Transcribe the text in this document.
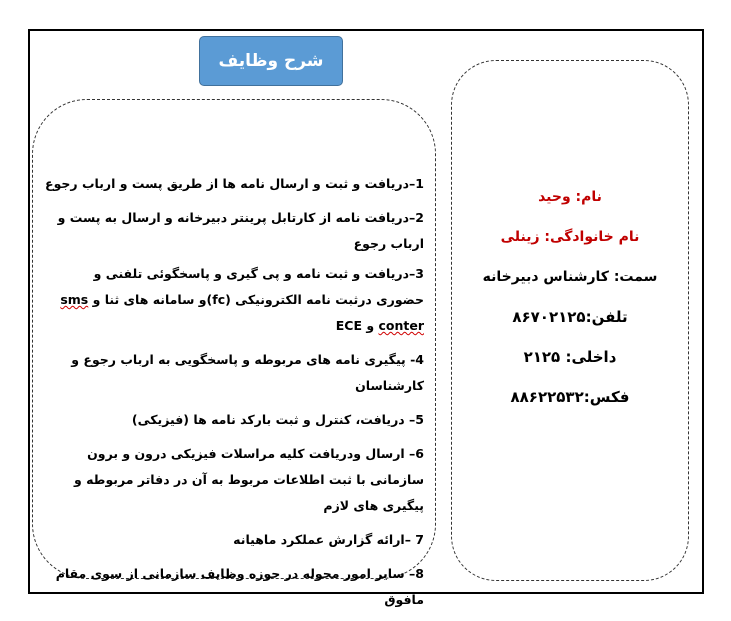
شرح وظایف
1–دریافت و ثبت و ارسال نامه ها از طریق پست و ارباب رجوع
2–دریافت نامه از کارتابل پرینتر دبیرخانه و ارسال به پست و ارباب رجوع
3–دریافت و ثبت نامه و پی گیری و پاسخگوئی تلفنی و حضوری درثبت نامه الکترونیکی (fc)و سامانه های ثنا و sms conter و ECE
4- پیگیری نامه های مربوطه و پاسخگویی به ارباب رجوع و کارشناسان
5– دریافت، کنترل و ثبت بارکد نامه ها (فیزیکی)
6– ارسال ودریافت کلیه مراسلات فیزیکی درون و برون سازمانی با ثبت اطلاعات مربوط به آن در دفاتر مربوطه و پیگیری های لازم
7 –ارائه گزارش عملکرد ماهیانه
8– سایر امور محوله در حوزه وظایف سازمانی از سوی مقام مافوق
نام: وحید
نام خانوادگی: زینلی
سمت: کارشناس دبیرخانه
تلفن:۸۶۷۰۲۱۲۵
داخلی: ۲۱۲۵
فکس:۸۸۶۲۲۵۳۲
